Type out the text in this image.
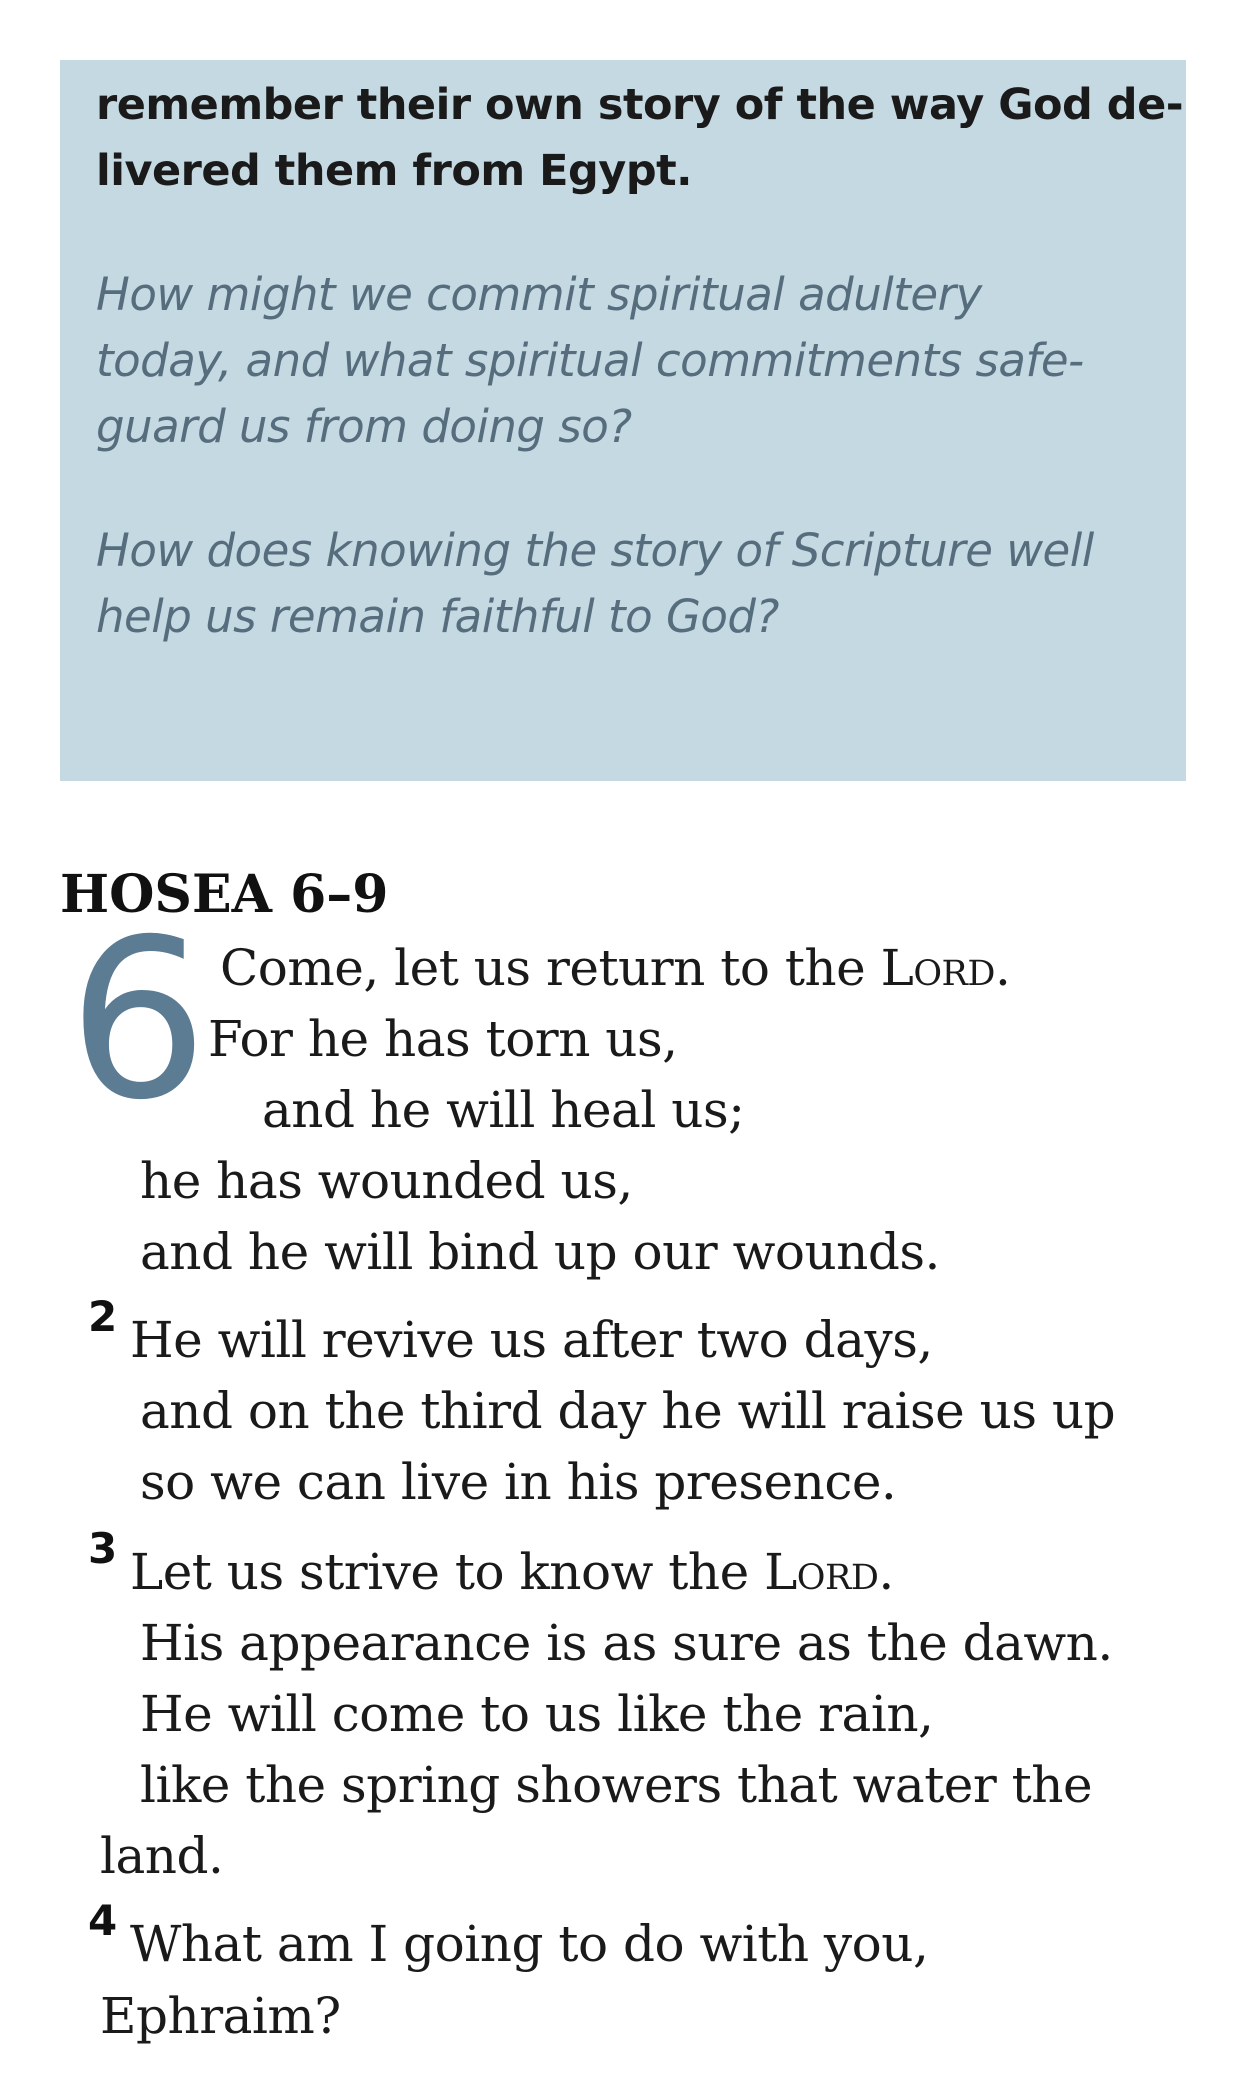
remember their own story of the way God de-
livered them from Egypt.

How might we commit spiritual adultery
today, and what spiritual commitments safe-
guard us from doing so?

How does knowing the story of Scripture well
help us remain faithful to God?

HOSEA 6–9
6 Come, let us return to the Lord.
For he has torn us,
and he will heal us;
he has wounded us,
and he will bind up our wounds.
2 He will revive us after two days,
and on the third day he will raise us up
so we can live in his presence.
3 Let us strive to know the Lord.
His appearance is as sure as the dawn.
He will come to us like the rain,
like the spring showers that water the
land.
4 What am I going to do with you,
Ephraim?
